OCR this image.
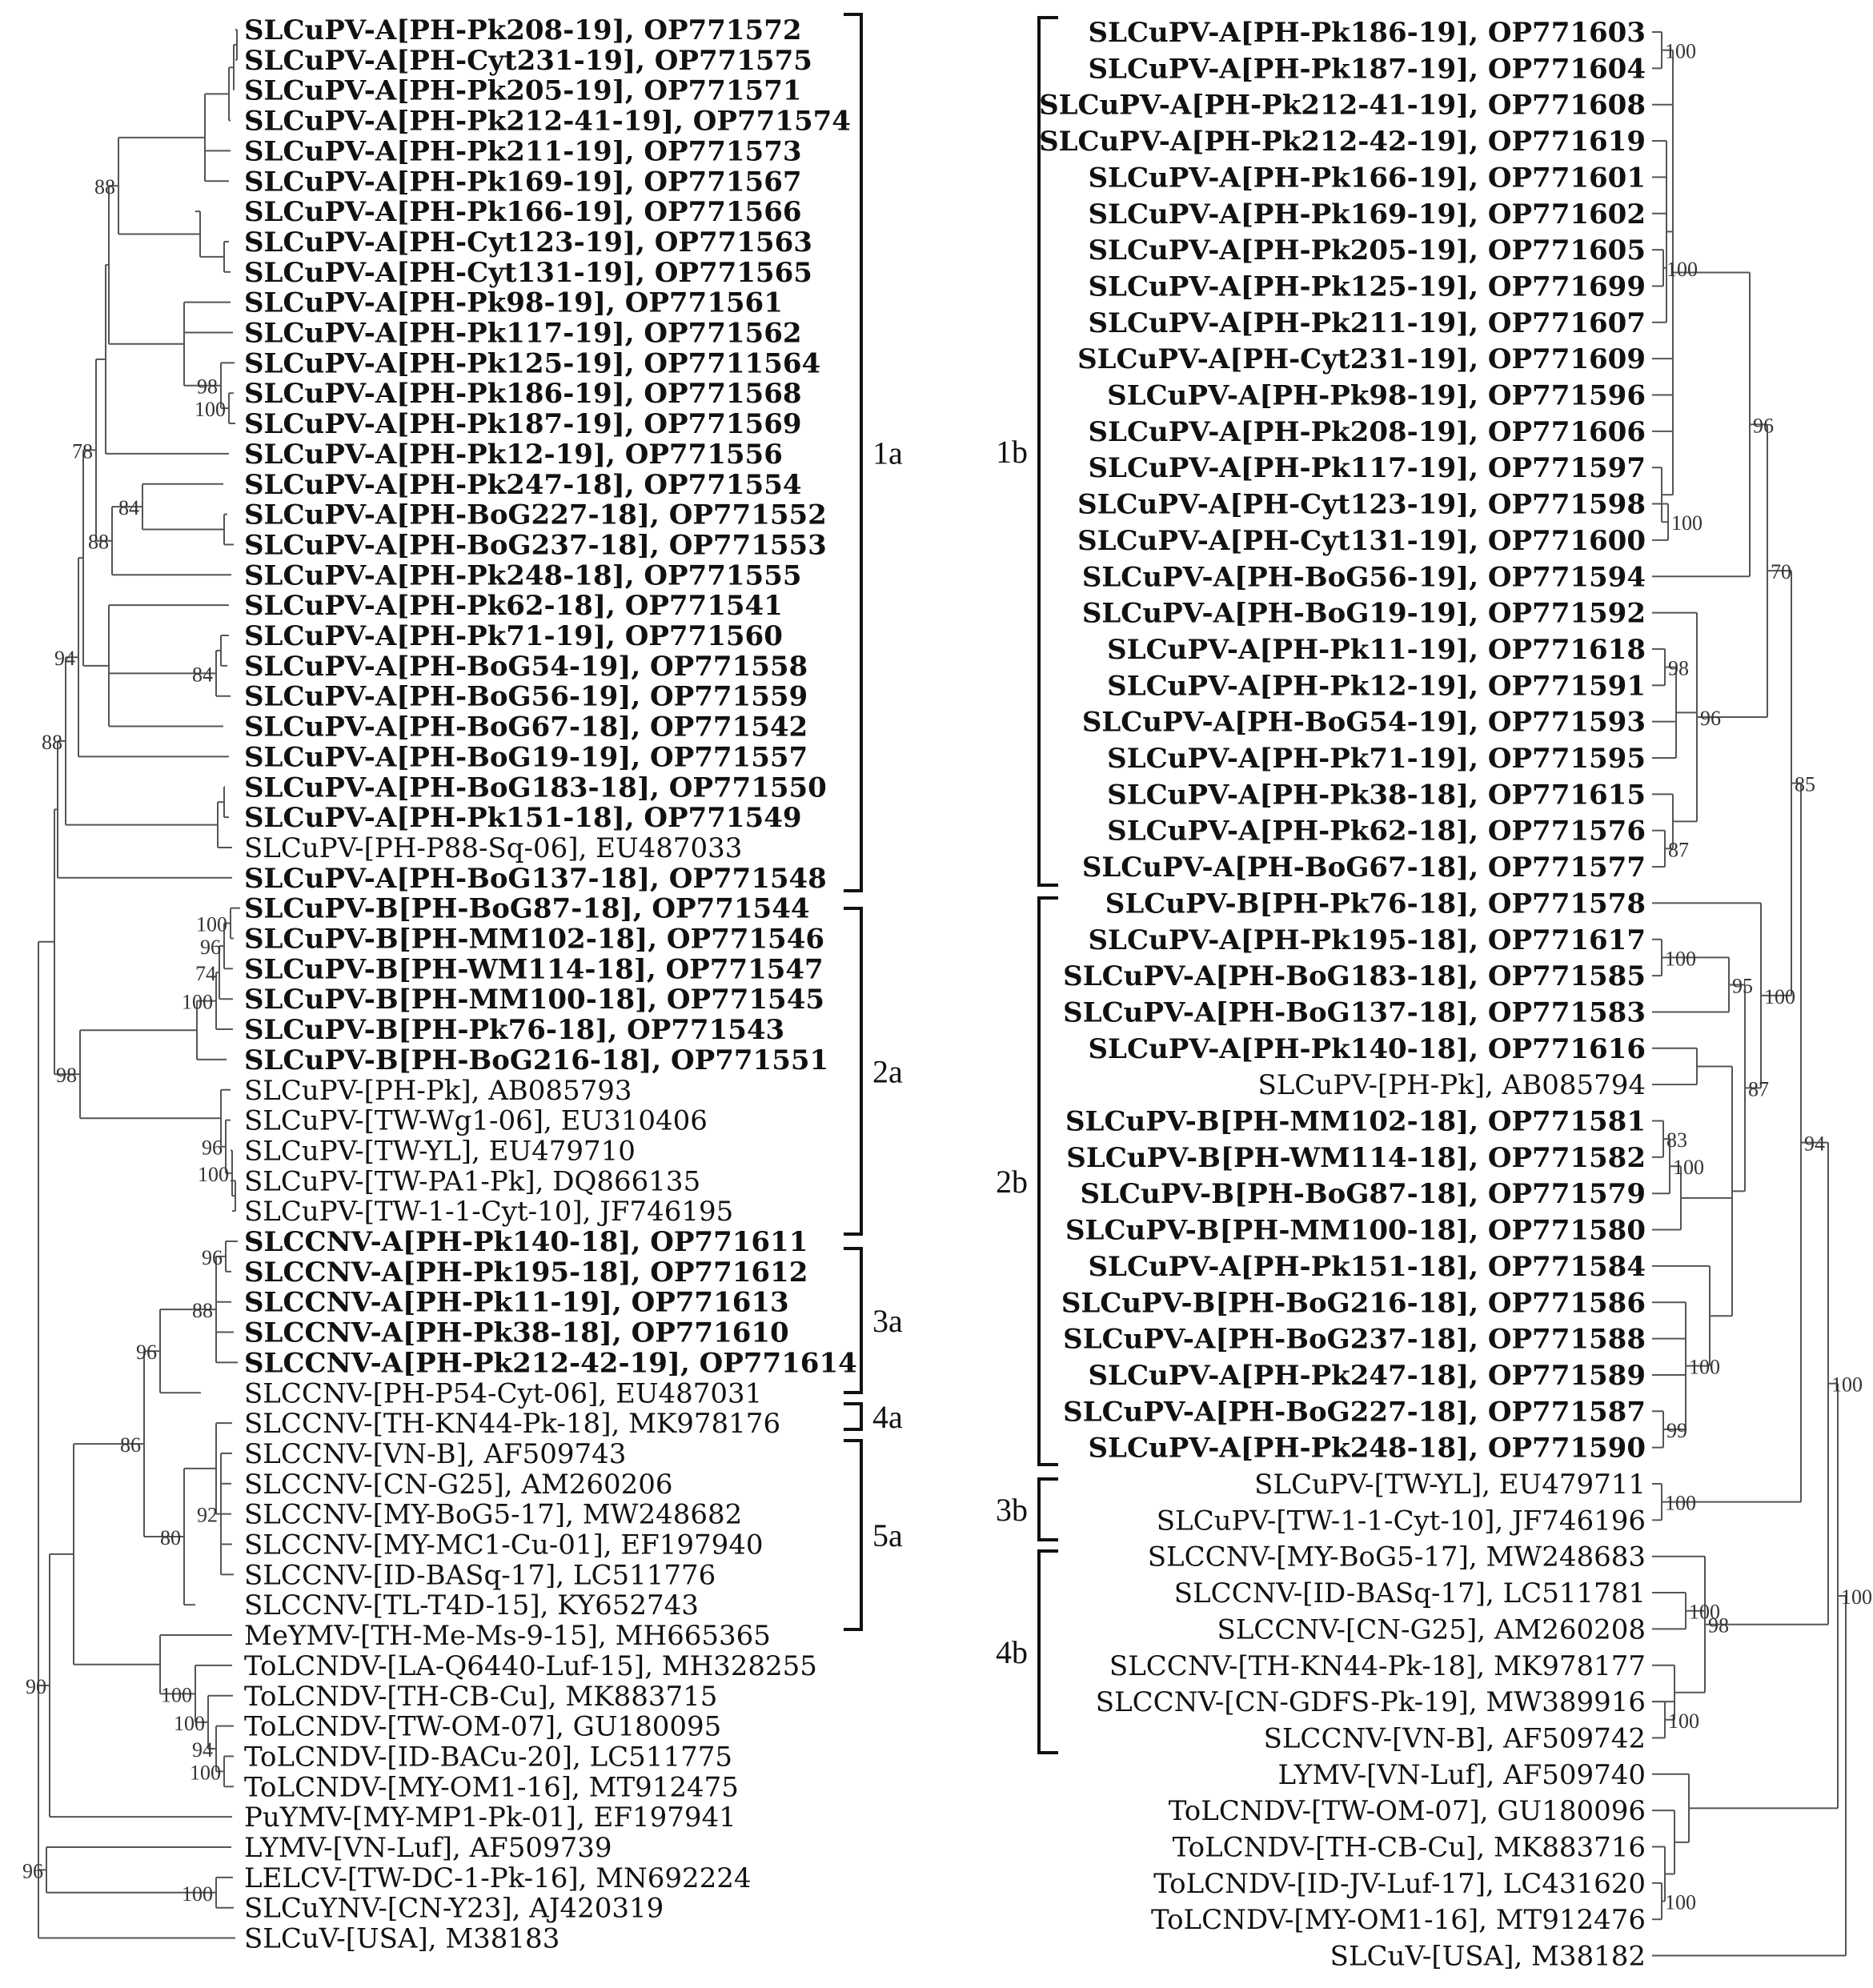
SLCuPV-A[PH-Pk208-19], OP771572
SLCuPV-A[PH-Cyt231-19], OP771575
SLCuPV-A[PH-Pk205-19], OP771571
SLCuPV-A[PH-Pk212-41-19], OP771574
SLCuPV-A[PH-Pk211-19], OP771573
SLCuPV-A[PH-Pk169-19], OP771567
SLCuPV-A[PH-Pk166-19], OP771566
SLCuPV-A[PH-Cyt123-19], OP771563
SLCuPV-A[PH-Cyt131-19], OP771565
SLCuPV-A[PH-Pk98-19], OP771561
SLCuPV-A[PH-Pk117-19], OP771562
SLCuPV-A[PH-Pk125-19], OP7711564
SLCuPV-A[PH-Pk186-19], OP771568
SLCuPV-A[PH-Pk187-19], OP771569
SLCuPV-A[PH-Pk12-19], OP771556
SLCuPV-A[PH-Pk247-18], OP771554
SLCuPV-A[PH-BoG227-18], OP771552
SLCuPV-A[PH-BoG237-18], OP771553
SLCuPV-A[PH-Pk248-18], OP771555
SLCuPV-A[PH-Pk62-18], OP771541
SLCuPV-A[PH-Pk71-19], OP771560
SLCuPV-A[PH-BoG54-19], OP771558
SLCuPV-A[PH-BoG56-19], OP771559
SLCuPV-A[PH-BoG67-18], OP771542
SLCuPV-A[PH-BoG19-19], OP771557
SLCuPV-A[PH-BoG183-18], OP771550
SLCuPV-A[PH-Pk151-18], OP771549
SLCuPV-[PH-P88-Sq-06], EU487033
SLCuPV-A[PH-BoG137-18], OP771548
SLCuPV-B[PH-BoG87-18], OP771544
SLCuPV-B[PH-MM102-18], OP771546
SLCuPV-B[PH-WM114-18], OP771547
SLCuPV-B[PH-MM100-18], OP771545
SLCuPV-B[PH-Pk76-18], OP771543
SLCuPV-B[PH-BoG216-18], OP771551
SLCuPV-[PH-Pk], AB085793
SLCuPV-[TW-Wg1-06], EU310406
SLCuPV-[TW-YL], EU479710
SLCuPV-[TW-PA1-Pk], DQ866135
SLCuPV-[TW-1-1-Cyt-10], JF746195
SLCCNV-A[PH-Pk140-18], OP771611
SLCCNV-A[PH-Pk195-18], OP771612
SLCCNV-A[PH-Pk11-19], OP771613
SLCCNV-A[PH-Pk38-18], OP771610
SLCCNV-A[PH-Pk212-42-19], OP771614
SLCCNV-[PH-P54-Cyt-06], EU487031
SLCCNV-[TH-KN44-Pk-18], MK978176
SLCCNV-[VN-B], AF509743
SLCCNV-[CN-G25], AM260206
SLCCNV-[MY-BoG5-17], MW248682
SLCCNV-[MY-MC1-Cu-01], EF197940
SLCCNV-[ID-BASq-17], LC511776
SLCCNV-[TL-T4D-15], KY652743
MeYMV-[TH-Me-Ms-9-15], MH665365
ToLCNDV-[LA-Q6440-Luf-15], MH328255
ToLCNDV-[TH-CB-Cu], MK883715
ToLCNDV-[TW-OM-07], GU180095
ToLCNDV-[ID-BACu-20], LC511775
ToLCNDV-[MY-OM1-16], MT912475
PuYMV-[MY-MP1-Pk-01], EF197941
LYMV-[VN-Luf], AF509739
LELCV-[TW-DC-1-Pk-16], MN692224
SLCuYNV-[CN-Y23], AJ420319
SLCuV-[USA], M38183
88
100
98
84
88
78
84
94
88
100
96
74
100
100
96
98
96
88
96
92
80
86
100
94
100
100
90
100
96
1a
2a
3a
4a
5a
SLCuPV-A[PH-Pk186-19], OP771603
SLCuPV-A[PH-Pk187-19], OP771604
SLCuPV-A[PH-Pk212-41-19], OP771608
SLCuPV-A[PH-Pk212-42-19], OP771619
SLCuPV-A[PH-Pk166-19], OP771601
SLCuPV-A[PH-Pk169-19], OP771602
SLCuPV-A[PH-Pk205-19], OP771605
SLCuPV-A[PH-Pk125-19], OP771699
SLCuPV-A[PH-Pk211-19], OP771607
SLCuPV-A[PH-Cyt231-19], OP771609
SLCuPV-A[PH-Pk98-19], OP771596
SLCuPV-A[PH-Pk208-19], OP771606
SLCuPV-A[PH-Pk117-19], OP771597
SLCuPV-A[PH-Cyt123-19], OP771598
SLCuPV-A[PH-Cyt131-19], OP771600
SLCuPV-A[PH-BoG56-19], OP771594
SLCuPV-A[PH-BoG19-19], OP771592
SLCuPV-A[PH-Pk11-19], OP771618
SLCuPV-A[PH-Pk12-19], OP771591
SLCuPV-A[PH-BoG54-19], OP771593
SLCuPV-A[PH-Pk71-19], OP771595
SLCuPV-A[PH-Pk38-18], OP771615
SLCuPV-A[PH-Pk62-18], OP771576
SLCuPV-A[PH-BoG67-18], OP771577
SLCuPV-B[PH-Pk76-18], OP771578
SLCuPV-A[PH-Pk195-18], OP771617
SLCuPV-A[PH-BoG183-18], OP771585
SLCuPV-A[PH-BoG137-18], OP771583
SLCuPV-A[PH-Pk140-18], OP771616
SLCuPV-[PH-Pk], AB085794
SLCuPV-B[PH-MM102-18], OP771581
SLCuPV-B[PH-WM114-18], OP771582
SLCuPV-B[PH-BoG87-18], OP771579
SLCuPV-B[PH-MM100-18], OP771580
SLCuPV-A[PH-Pk151-18], OP771584
SLCuPV-B[PH-BoG216-18], OP771586
SLCuPV-A[PH-BoG237-18], OP771588
SLCuPV-A[PH-Pk247-18], OP771589
SLCuPV-A[PH-BoG227-18], OP771587
SLCuPV-A[PH-Pk248-18], OP771590
SLCuPV-[TW-YL], EU479711
SLCuPV-[TW-1-1-Cyt-10], JF746196
SLCCNV-[MY-BoG5-17], MW248683
SLCCNV-[ID-BASq-17], LC511781
SLCCNV-[CN-G25], AM260208
SLCCNV-[TH-KN44-Pk-18], MK978177
SLCCNV-[CN-GDFS-Pk-19], MW389916
SLCCNV-[VN-B], AF509742
LYMV-[VN-Luf], AF509740
ToLCNDV-[TW-OM-07], GU180096
ToLCNDV-[TH-CB-Cu], MK883716
ToLCNDV-[ID-JV-Luf-17], LC431620
ToLCNDV-[MY-OM1-16], MT912476
SLCuV-[USA], M38182
100
100
100
96
98
87
96
70
100
95
83
100
99
100
87
100
85
100
94
100
100
98
100
100
100
1b
2b
3b
4b
